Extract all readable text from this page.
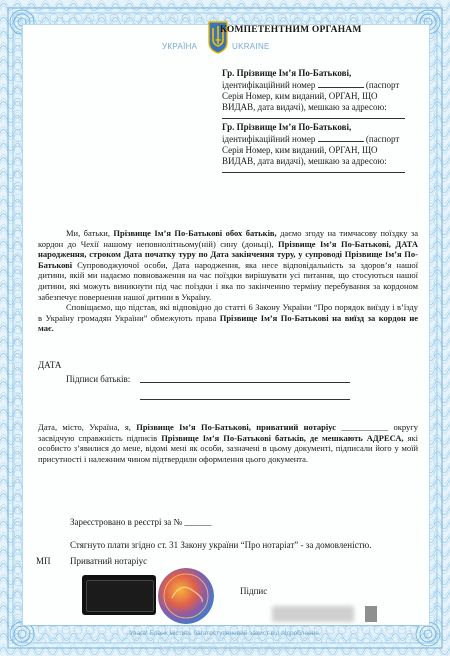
УКРАЇНА	UKRAINE
КОМПЕТЕНТНИМ ОРГАНАМ
Гр. Прізвище Ім’я По-Батькові,
ідентифікаційний номер	(паспорт
Серія Номер, ким виданий, ОРГАН, ЩО
ВИДАВ, дата видачі), мешкаю за адресою:
Гр. Прізвище Ім’я По-Батькові,
ідентифікаційний номер	(паспорт
Серія Номер, ким виданий, ОРГАН, ЩО
ВИДАВ, дата видачі), мешкаю за адресою:
Ми, батьки, Прізвище Ім’я По-Батькові обох батьків, даємо згоду на тимчасову поїздку за кордон до Чехії нашому неповнолітньому(ній) сину (доньці), Прізвище Ім’я По-Батькові, ДАТА народження, строком Дата початку туру по Дата закінчення туру, у супроводі Прізвище Ім’я По-Батькові Супроводжуючої особи, Дата народження, яка несе відповідальність за здоров’я нашої дитини, якій ми надаємо повноваження на час поїздки вирішувати усі питання, що стосуються нашої дитини, які можуть виникнути під час поїздки і яка по закінченню терміну перебування за кордоном забезпечує повернення нашої дитини в Україну.
Сповіщаємо, що підстав, які відповідно до статті 6 Закону України “Про порядок виїзду і в’їзду в Україну громадян України” обмежують права Прізвище Ім’я По-Батькові на виїзд за кордон не має.
ДАТА
Підписи батьків:
Дата, місто, Україна, я, Прізвище Ім’я По-Батькові, приватний нотаріус ___________ округу засвідчую справжність підписів Прізвище Ім’я По-Батькові батьків, де мешкають АДРЕСА, які особисто з’явилися до мене, відомі мені як особи, зазначені в цьому документі, підписали його у моїй присутності і належним чином підтвердили оформлення цього документа.
Зареєстровано в реєстрі за № ______
Стягнуто плати згідно ст. 31 Закону україни “Про нотаріат” - за домовленістю.
МП Приватний нотаріус
Підпис
Увага! Бланк містить багатоступеневий захист від підроблення.
МІНІСТЕРСТВО ЮСТИЦІЇ УКРАЇНИ
